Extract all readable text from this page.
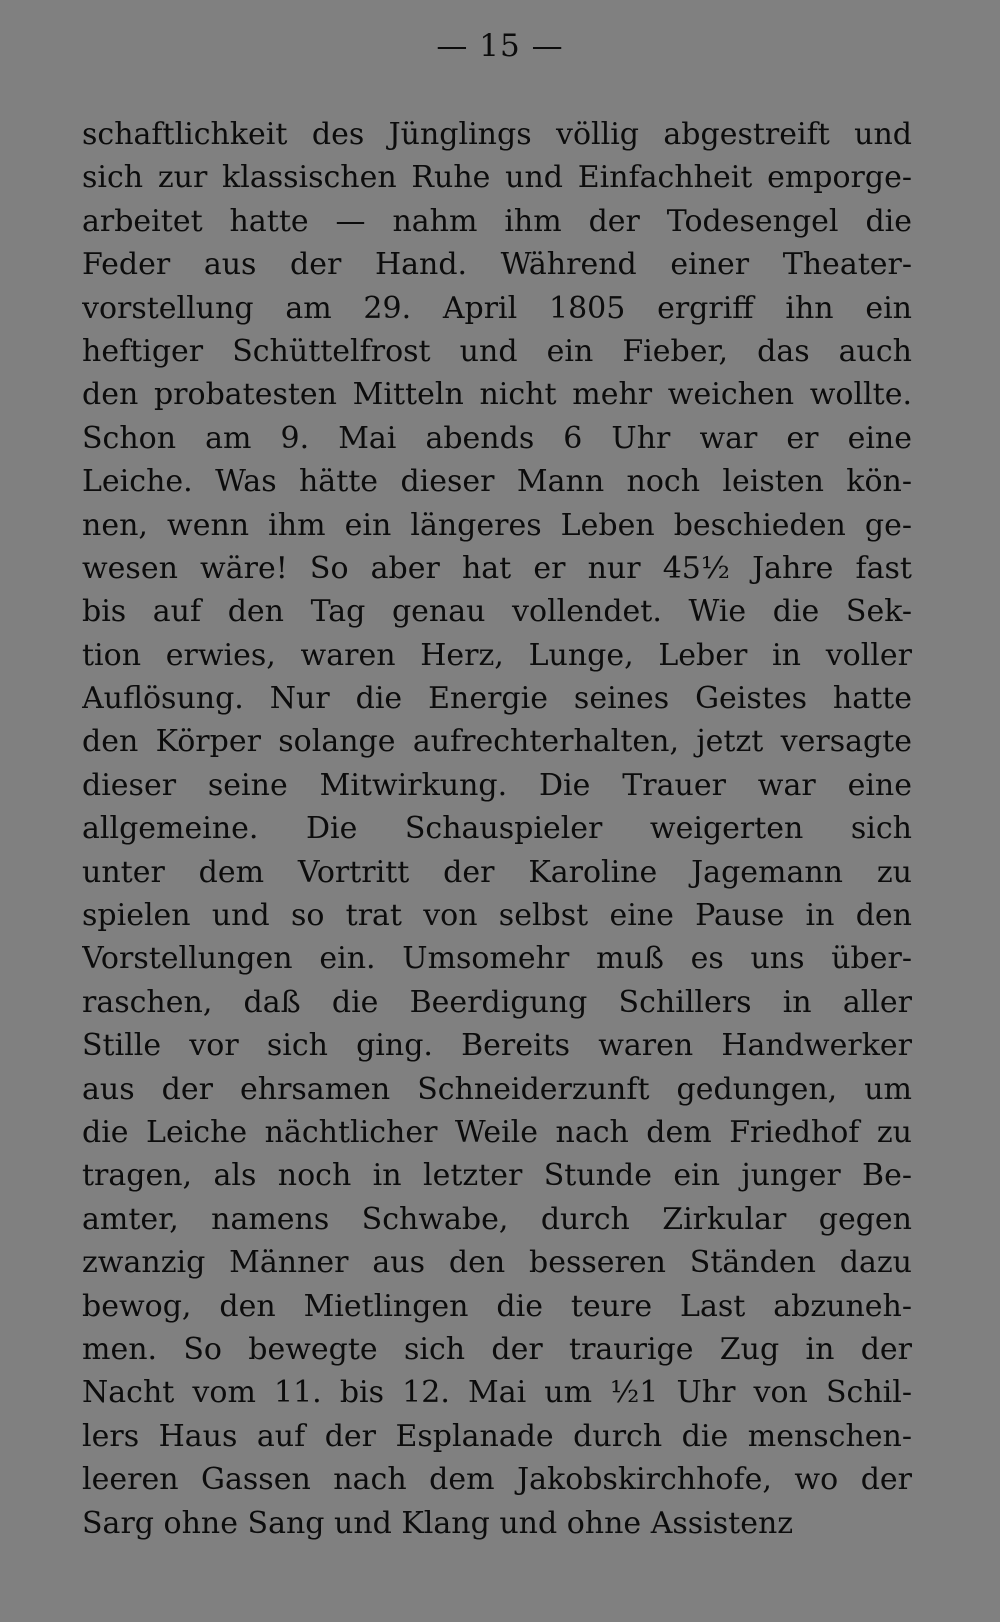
— 15 —
schaftlichkeit des Jünglings völlig abgestreift und
sich zur klassischen Ruhe und Einfachheit emporge-
arbeitet hatte — nahm ihm der Todesengel die
Feder aus der Hand. Während einer Theater-
vorstellung am 29. April 1805 ergriff ihn ein
heftiger Schüttelfrost und ein Fieber, das auch
den probatesten Mitteln nicht mehr weichen wollte.
Schon am 9. Mai abends 6 Uhr war er eine
Leiche. Was hätte dieser Mann noch leisten kön-
nen, wenn ihm ein längeres Leben beschieden ge-
wesen wäre! So aber hat er nur 45½ Jahre fast
bis auf den Tag genau vollendet. Wie die Sek-
tion erwies, waren Herz, Lunge, Leber in voller
Auflösung. Nur die Energie seines Geistes hatte
den Körper solange aufrechterhalten, jetzt versagte
dieser seine Mitwirkung. Die Trauer war eine
allgemeine. Die Schauspieler weigerten sich
unter dem Vortritt der Karoline Jagemann zu
spielen und so trat von selbst eine Pause in den
Vorstellungen ein. Umsomehr muß es uns über-
raschen, daß die Beerdigung Schillers in aller
Stille vor sich ging. Bereits waren Handwerker
aus der ehrsamen Schneiderzunft gedungen, um
die Leiche nächtlicher Weile nach dem Friedhof zu
tragen, als noch in letzter Stunde ein junger Be-
amter, namens Schwabe, durch Zirkular gegen
zwanzig Männer aus den besseren Ständen dazu
bewog, den Mietlingen die teure Last abzuneh-
men. So bewegte sich der traurige Zug in der
Nacht vom 11. bis 12. Mai um ½1 Uhr von Schil-
lers Haus auf der Esplanade durch die menschen-
leeren Gassen nach dem Jakobskirchhofe, wo der
Sarg ohne Sang und Klang und ohne Assistenz
